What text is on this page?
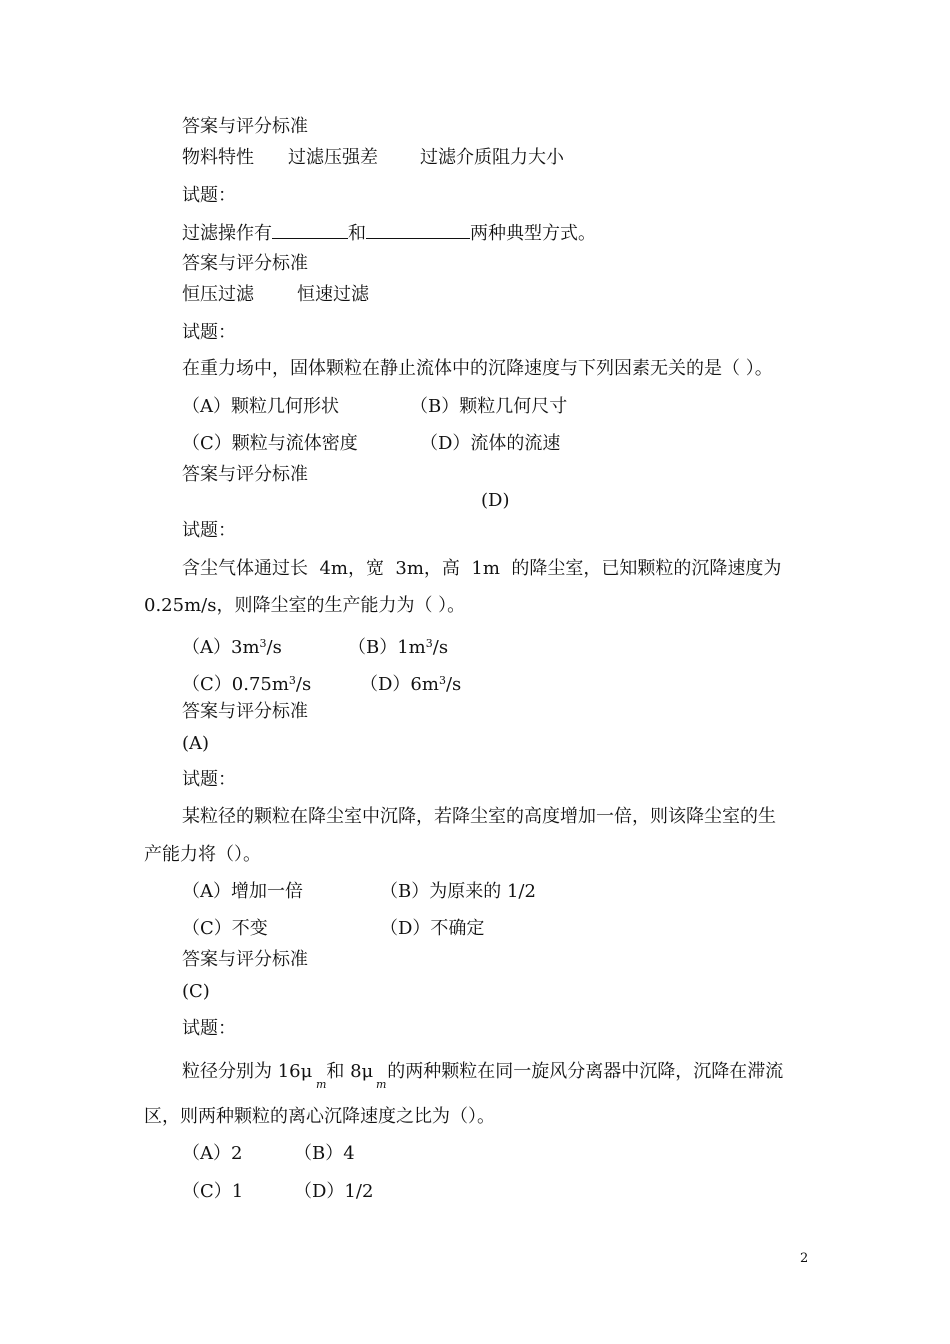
答案与评分标准
物料特性 过滤压强差 过滤介质阻力大小
试题：
过滤操作有	和	两种典型方式。
答案与评分标准
恒压过滤 恒速过滤
试题：
在重力场中，固体颗粒在静止流体中的沉降速度与下列因素无关的是（ ）。
（A）颗粒几何形状	（B）颗粒几何尺寸
（C）颗粒与流体密度	（D）流体的流速
答案与评分标准
(D)
试题：
含尘气体通过长  4m，宽  3m，高  1m  的降尘室，已知颗粒的沉降速度为
0.25m/s，则降尘室的生产能力为（ ）。
$(A)3m^3/s$	$(B)1m^3/s$
$(C)0.75m^3/s$	$(D)6m^3/s$
答案与评分标准
(A)
试题：
某粒径的颗粒在降尘室中沉降，若降尘室的高度增加一倍，则该降尘室的生
产能力将（）。
（A）增加一倍	（B）为原来的 1/2
（C）不变	（D）不确定
答案与评分标准
(C)
试题：
粒径分别为 16μ 和 8μ 的两种颗粒在同一旋风分离器中沉降，沉降在滞流
m	m
区，则两种颗粒的离心沉降速度之比为（）。
（A）2	（B）4
（C）1	（D）1/2
2
